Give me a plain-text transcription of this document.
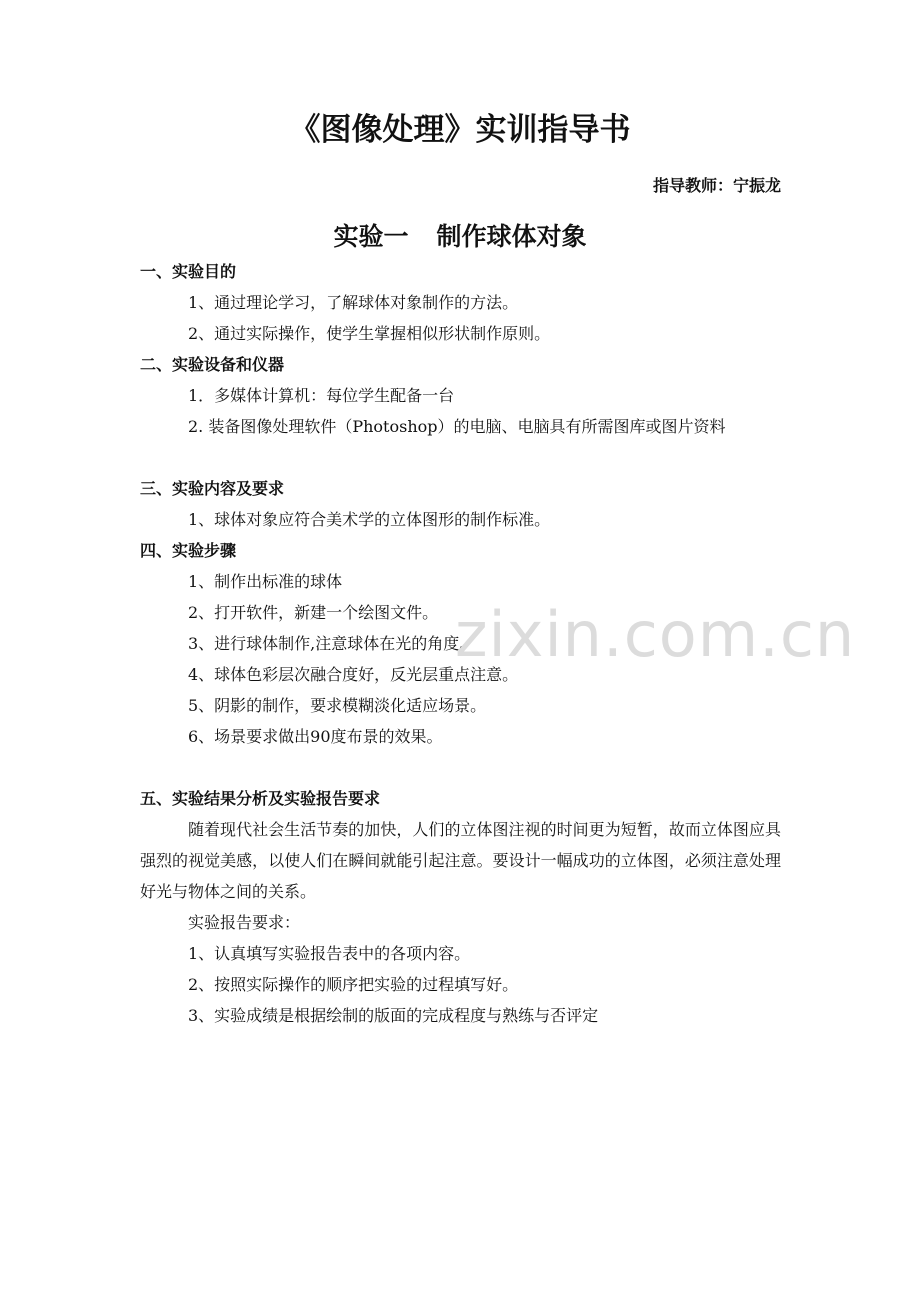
《图像处理》实训指导书
指导教师：宁振龙
实验一 制作球体对象
一、实验目的
1、通过理论学习，了解球体对象制作的方法。
2、通过实际操作，使学生掌握相似形状制作原则。
二、实验设备和仪器
1．多媒体计算机：每位学生配备一台
2. 装备图像处理软件（Photoshop）的电脑、电脑具有所需图库或图片资料
三、实验内容及要求
1、球体对象应符合美术学的立体图形的制作标准。
四、实验步骤
1、制作出标准的球体
2、打开软件，新建一个绘图文件。
3、进行球体制作,注意球体在光的角度。
4、球体色彩层次融合度好，反光层重点注意。
5、阴影的制作，要求模糊淡化适应场景。
6、场景要求做出90度布景的效果。
五、实验结果分析及实验报告要求
随着现代社会生活节奏的加快，人们的立体图注视的时间更为短暂，故而立体图应具强烈的视觉美感，以使人们在瞬间就能引起注意。要设计一幅成功的立体图，必须注意处理好光与物体之间的关系。
实验报告要求：
1、认真填写实验报告表中的各项内容。
2、按照实际操作的顺序把实验的过程填写好。
3、实验成绩是根据绘制的版面的完成程度与熟练与否评定
zixin.com.cn
